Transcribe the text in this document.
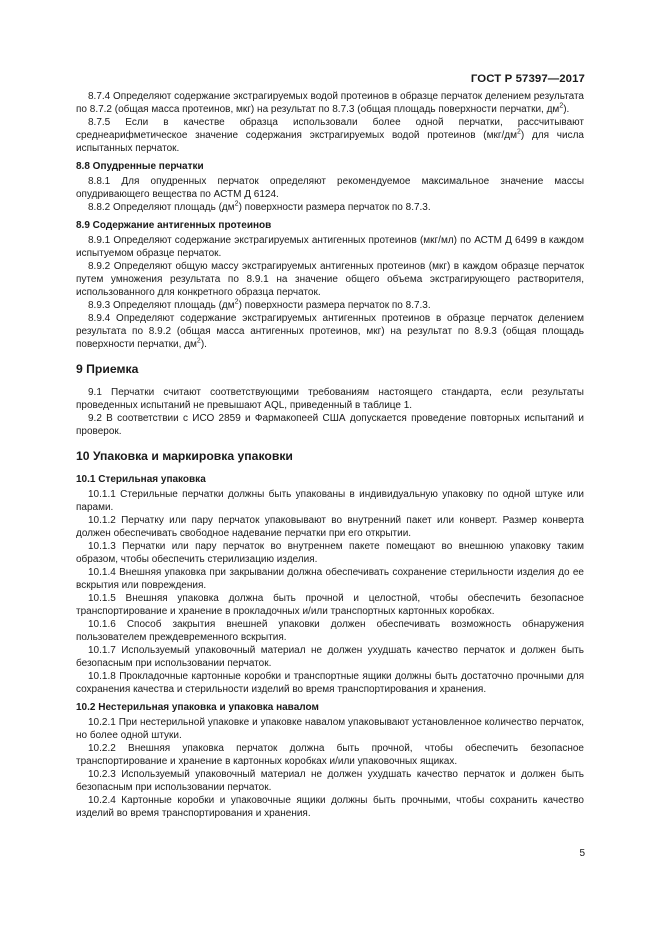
ГОСТ Р 57397—2017
8.7.4 Определяют содержание экстрагируемых водой протеинов в образце перчаток делением результата по 8.7.2 (общая масса протеинов, мкг) на результат по 8.7.3 (общая площадь поверхности перчатки, $дм^2$).
8.7.5 Если в качестве образца использовали более одной перчатки, рассчитывают среднеарифметическое значение содержания экстрагируемых водой протеинов $(мкг/дм^2)$ для числа испытанных перчаток.
8.8 Опудренные перчатки
8.8.1 Для опудренных перчаток определяют рекомендуемое максимальное значение массы опудривающего вещества по АСТМ Д 6124.
8.8.2 Определяют площадь $(дм^2)$ поверхности размера перчаток по 8.7.3.
8.9 Содержание антигенных протеинов
8.9.1 Определяют содержание экстрагируемых антигенных протеинов (мкг/мл) по АСТМ Д 6499 в каждом испытуемом образце перчаток.
8.9.2 Определяют общую массу экстрагируемых антигенных протеинов (мкг) в каждом образце перчаток путем умножения результата по 8.9.1 на значение общего объема экстрагирующего растворителя, использованного для конкретного образца перчаток.
8.9.3 Определяют площадь $(дм^2)$ поверхности размера перчаток по 8.7.3.
8.9.4 Определяют содержание экстрагируемых антигенных протеинов в образце перчаток делением результата по 8.9.2 (общая масса антигенных протеинов, мкг) на результат по 8.9.3 (общая площадь поверхности перчатки, $дм^2$).
9 Приемка
9.1 Перчатки считают соответствующими требованиям настоящего стандарта, если результаты проведенных испытаний не превышают AQL, приведенный в таблице 1.
9.2 В соответствии с ИСО 2859 и Фармакопеей США допускается проведение повторных испытаний и проверок.
10 Упаковка и маркировка упаковки
10.1 Стерильная упаковка
10.1.1 Стерильные перчатки должны быть упакованы в индивидуальную упаковку по одной штуке или парами.
10.1.2 Перчатку или пару перчаток упаковывают во внутренний пакет или конверт. Размер конверта должен обеспечивать свободное надевание перчатки при его открытии.
10.1.3 Перчатки или пару перчаток во внутреннем пакете помещают во внешнюю упаковку таким образом, чтобы обеспечить стерилизацию изделия.
10.1.4 Внешняя упаковка при закрывании должна обеспечивать сохранение стерильности изделия до ее вскрытия или повреждения.
10.1.5 Внешняя упаковка должна быть прочной и целостной, чтобы обеспечить безопасное транспортирование и хранение в прокладочных и/или транспортных картонных коробках.
10.1.6 Способ закрытия внешней упаковки должен обеспечивать возможность обнаружения пользователем преждевременного вскрытия.
10.1.7 Используемый упаковочный материал не должен ухудшать качество перчаток и должен быть безопасным при использовании перчаток.
10.1.8 Прокладочные картонные коробки и транспортные ящики должны быть достаточно прочными для сохранения качества и стерильности изделий во время транспортирования и хранения.
10.2 Нестерильная упаковка и упаковка навалом
10.2.1 При нестерильной упаковке и упаковке навалом упаковывают установленное количество перчаток, но более одной штуки.
10.2.2 Внешняя упаковка перчаток должна быть прочной, чтобы обеспечить безопасное транспортирование и хранение в картонных коробках и/или упаковочных ящиках.
10.2.3 Используемый упаковочный материал не должен ухудшать качество перчаток и должен быть безопасным при использовании перчаток.
10.2.4 Картонные коробки и упаковочные ящики должны быть прочными, чтобы сохранить качество изделий во время транспортирования и хранения.
5
